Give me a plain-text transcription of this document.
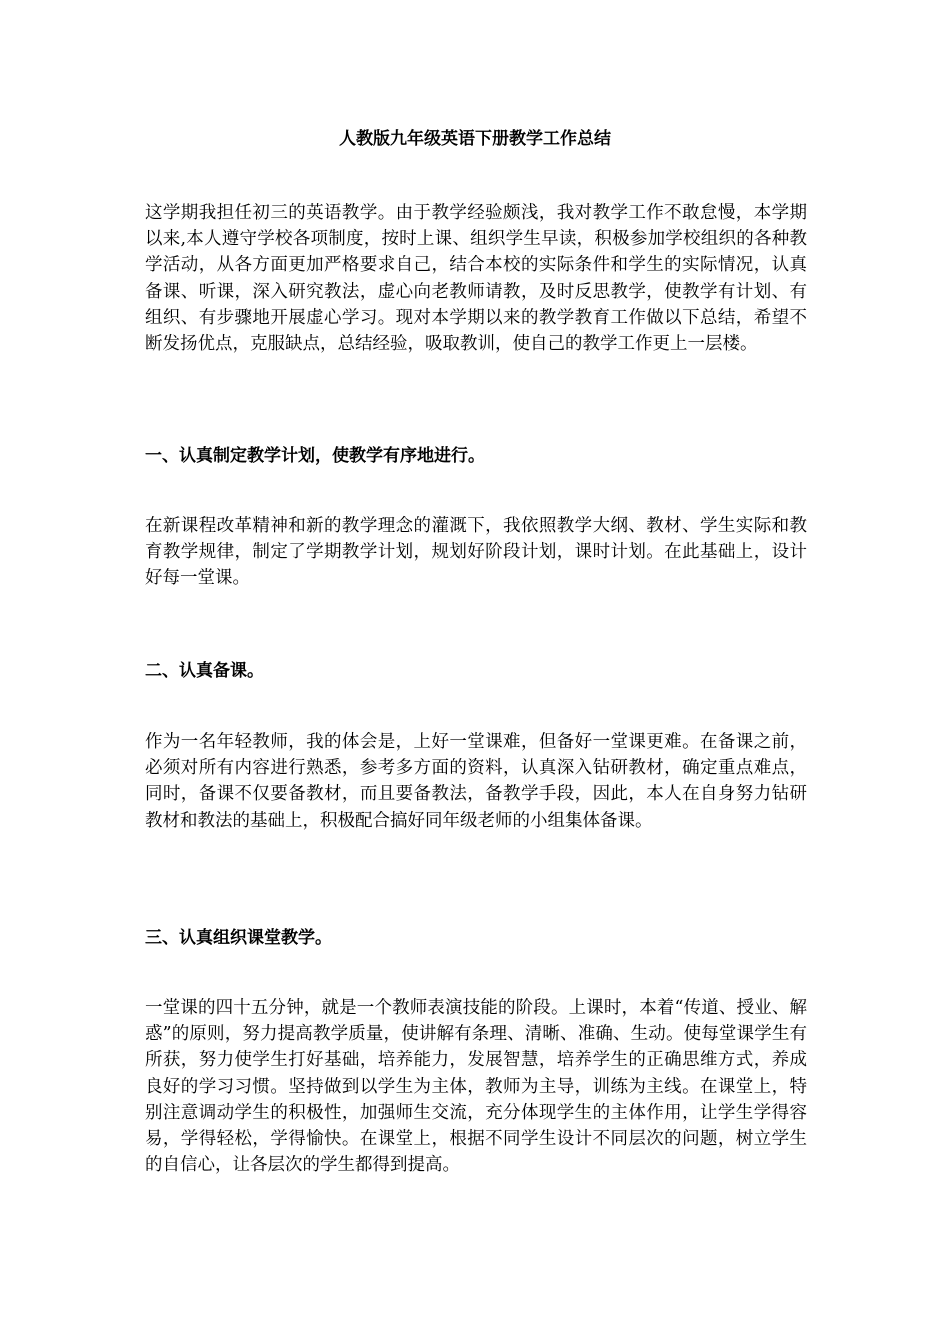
人教版九年级英语下册教学工作总结

这学期我担任初三的英语教学。由于教学经验颇浅，我对教学工作不敢怠慢，本学期以来,本人遵守学校各项制度，按时上课、组织学生早读，积极参加学校组织的各种教学活动，从各方面更加严格要求自己，结合本校的实际条件和学生的实际情况，认真备课、听课，深入研究教法，虚心向老教师请教，及时反思教学，使教学有计划、有组织、有步骤地开展虚心学习。现对本学期以来的教学教育工作做以下总结，希望不断发扬优点，克服缺点，总结经验，吸取教训，使自己的教学工作更上一层楼。

一、认真制定教学计划，使教学有序地进行。

在新课程改革精神和新的教学理念的灌溉下，我依照教学大纲、教材、学生实际和教育教学规律，制定了学期教学计划，规划好阶段计划，课时计划。在此基础上，设计好每一堂课。

二、认真备课。

作为一名年轻教师，我的体会是，上好一堂课难，但备好一堂课更难。在备课之前，必须对所有内容进行熟悉，参考多方面的资料，认真深入钻研教材，确定重点难点，同时，备课不仅要备教材，而且要备教法，备教学手段，因此，本人在自身努力钻研教材和教法的基础上，积极配合搞好同年级老师的小组集体备课。

三、认真组织课堂教学。

一堂课的四十五分钟，就是一个教师表演技能的阶段。上课时，本着“传道、授业、解惑”的原则，努力提高教学质量，使讲解有条理、清晰、准确、生动。使每堂课学生有所获，努力使学生打好基础，培养能力，发展智慧，培养学生的正确思维方式，养成良好的学习习惯。坚持做到以学生为主体，教师为主导，训练为主线。在课堂上，特别注意调动学生的积极性，加强师生交流，充分体现学生的主体作用，让学生学得容易，学得轻松，学得愉快。在课堂上，根据不同学生设计不同层次的问题，树立学生的自信心，让各层次的学生都得到提高。
